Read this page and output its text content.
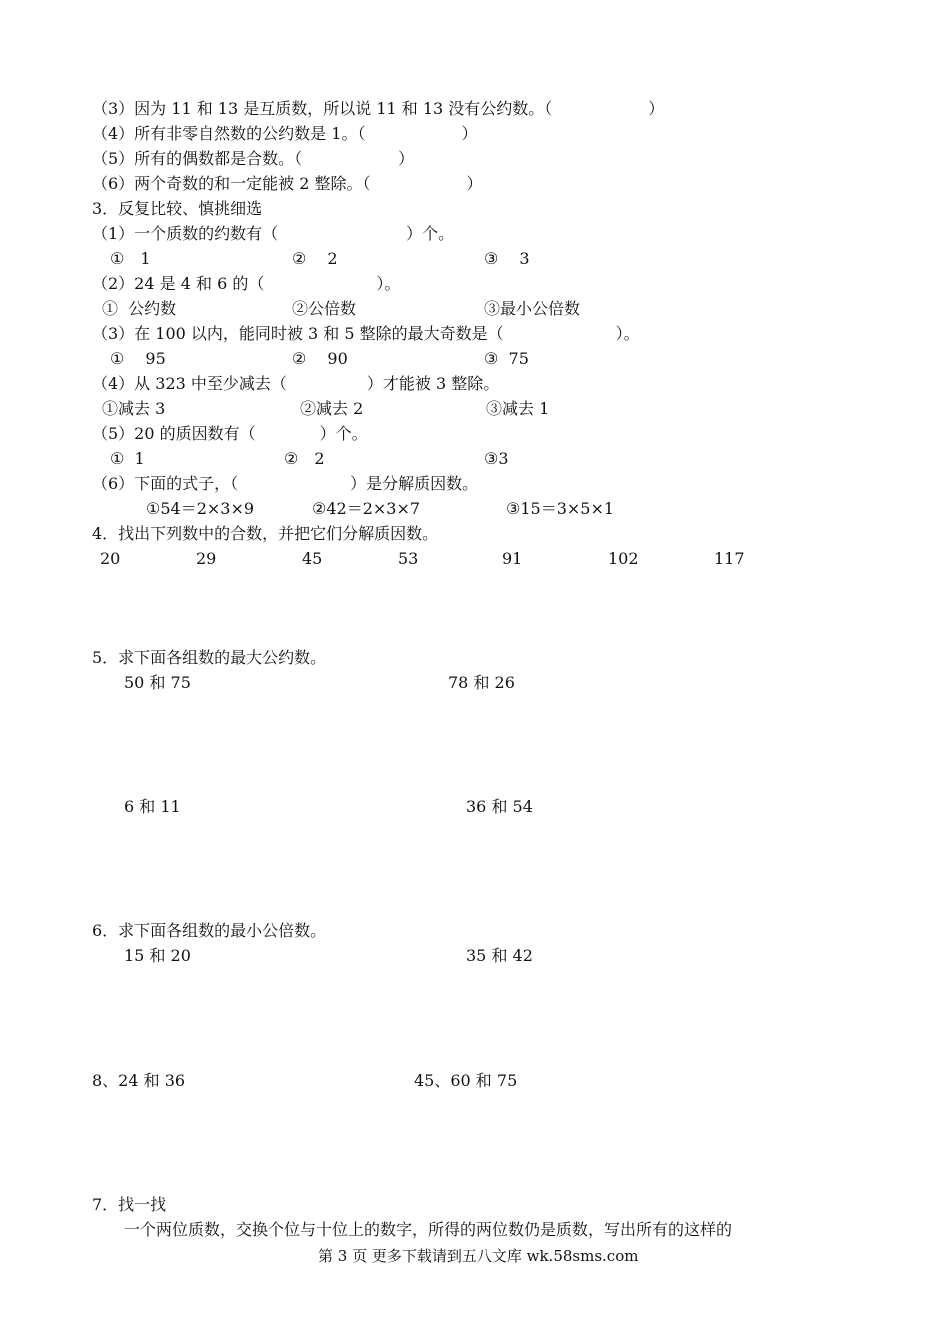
（3）因为 11 和 13 是互质数，所以说 11 和 13 没有公约数。（　　　　　　）
（4）所有非零自然数的公约数是 1。（　　　　　　）
（5）所有的偶数都是合数。（　　　　　　）
（6）两个奇数的和一定能被 2 整除。（　　　　　　）
3．反复比较、慎挑细选
（1）一个质数的约数有（　　　　　　　　）个。
①　1	②　 2	③　 3
（2）24 是 4 和 6 的（　　　　　　　）。
①  公约数	②公倍数	③最小公倍数
（3）在 100 以内，能同时被 3 和 5 整除的最大奇数是（　　　　　　　）。
①　 95	②　 90	③  75
（4）从 323 中至少减去（　　　　　）才能被 3 整除。
①减去 3	②减去 2	③减去 1
（5）20 的质因数有（　　　　）个。
①  1	②　2	③3
（6）下面的式子，（　　　　　　　）是分解质因数。
①54＝2×3×9	②42＝2×3×7	③15＝3×5×1
4．找出下列数中的合数，并把它们分解质因数。
20	29	45	53	91	102	117
5．求下面各组数的最大公约数。
50 和 75	78 和 26
6 和 11	36 和 54
6．求下面各组数的最小公倍数。
15 和 20	35 和 42
8、24 和 36	45、60 和 75
7．找一找
一个两位质数，交换个位与十位上的数字，所得的两位数仍是质数，写出所有的这样的
第 3 页 更多下载请到五八文库 wk.58sms.com
